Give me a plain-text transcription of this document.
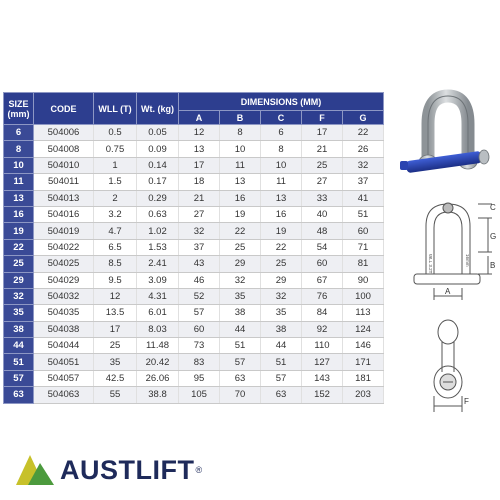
SIZE (mm)	CODE	WLL (T)	Wt. (kg)	DIMENSIONS (MM)				
				A	B	C	F	G
6	504006	0.5	0.05	12	8	6	17	22
8	504008	0.75	0.09	13	10	8	21	26
10	504010	1	0.14	17	11	10	25	32
11	504011	1.5	0.17	18	13	11	27	37
13	504013	2	0.29	21	16	13	33	41
16	504016	3.2	0.63	27	19	16	40	51
19	504019	4.7	1.02	32	22	19	48	60
22	504022	6.5	1.53	37	25	22	54	71
25	504025	8.5	2.41	43	29	25	60	81
29	504029	9.5	3.09	46	32	29	67	90
32	504032	12	4.31	52	35	32	76	100
35	504035	13.5	6.01	57	38	35	84	113
38	504038	17	8.03	60	44	38	92	124
44	504044	25	11.48	73	51	44	110	146
51	504051	35	20.42	83	57	51	127	171
57	504057	42.5	26.06	95	63	57	143	181
63	504063	55	38.8	105	70	63	152	203
C
G
B
A
WLL 3.2T	16mm
F
AUSTLIFT ®
